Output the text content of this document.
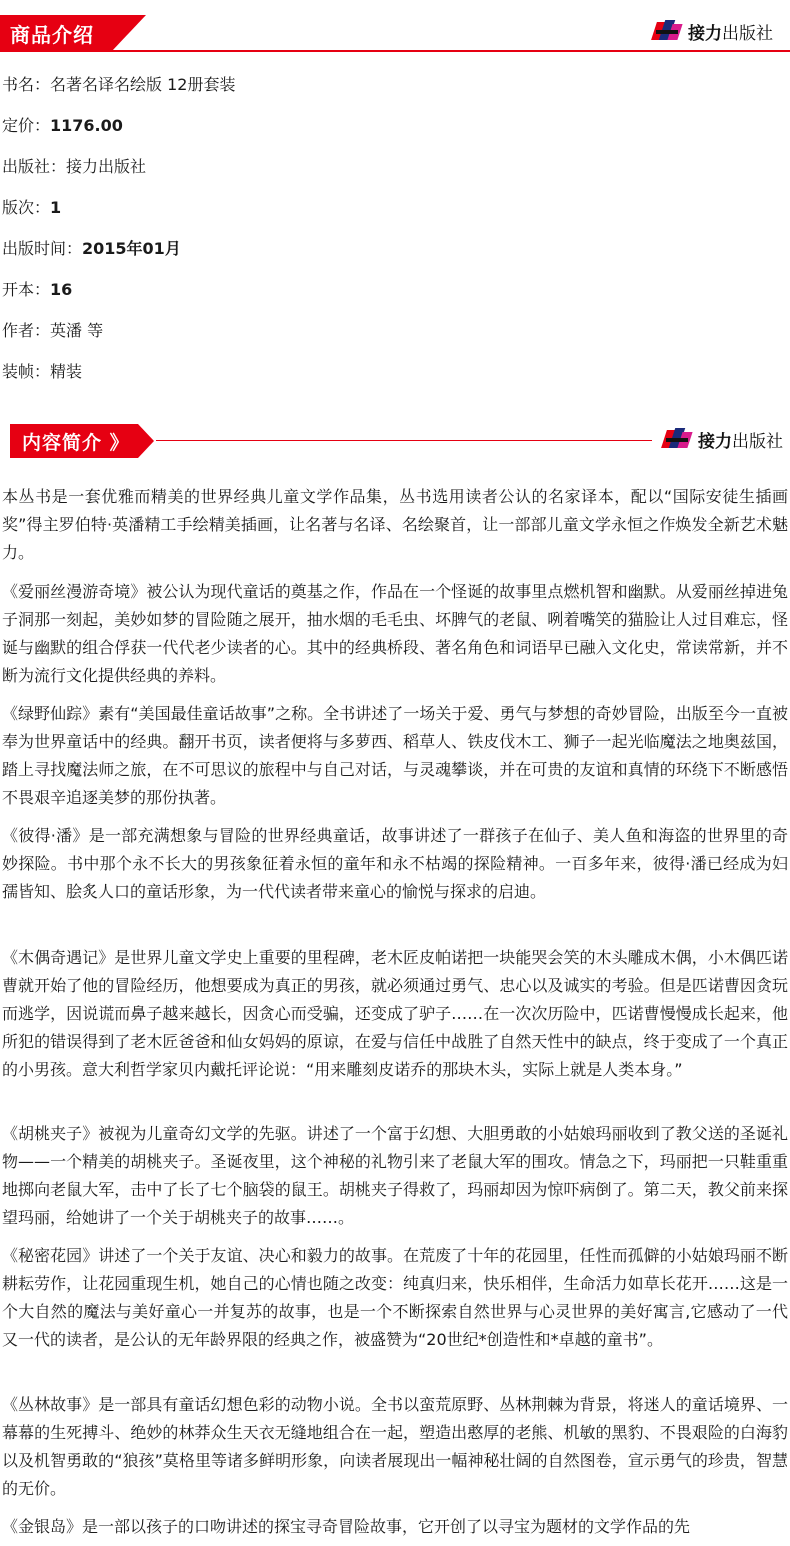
商品介绍	接力 出版社
书名：名著名译名绘版 12册套装
定价：1176.00
出版社：接力出版社
版次：1
出版时间：2015年01月
开本：16
作者：英潘 等
装帧：精装
内容简介 》	接力 出版社

本丛书是一套优雅而精美的世界经典儿童文学作品集，丛书选用读者公认的名家译本，配以“国际安徒生插画奖”得主罗伯特·英潘精工手绘精美插画，让名著与名译、名绘聚首，让一部部儿童文学永恒之作焕发全新艺术魅力。

《爱丽丝漫游奇境》被公认为现代童话的奠基之作，作品在一个怪诞的故事里点燃机智和幽默。从爱丽丝掉进兔子洞那一刻起，美妙如梦的冒险随之展开，抽水烟的毛毛虫、坏脾气的老鼠、咧着嘴笑的猫脸让人过目难忘，怪诞与幽默的组合俘获一代代老少读者的心。其中的经典桥段、著名角色和词语早已融入文化史，常读常新，并不断为流行文化提供经典的养料。

《绿野仙踪》素有“美国最佳童话故事”之称。全书讲述了一场关于爱、勇气与梦想的奇妙冒险，出版至今一直被奉为世界童话中的经典。翻开书页，读者便将与多萝西、稻草人、铁皮伐木工、狮子一起光临魔法之地奥兹国，踏上寻找魔法师之旅，在不可思议的旅程中与自己对话，与灵魂攀谈，并在可贵的友谊和真情的环绕下不断感悟不畏艰辛追逐美梦的那份执著。

《彼得·潘》是一部充满想象与冒险的世界经典童话，故事讲述了一群孩子在仙子、美人鱼和海盗的世界里的奇妙探险。书中那个永不长大的男孩象征着永恒的童年和永不枯竭的探险精神。一百多年来，彼得·潘已经成为妇孺皆知、脍炙人口的童话形象，为一代代读者带来童心的愉悦与探求的启迪。

《木偶奇遇记》是世界儿童文学史上重要的里程碑，老木匠皮帕诺把一块能哭会笑的木头雕成木偶，小木偶匹诺曹就开始了他的冒险经历，他想要成为真正的男孩，就必须通过勇气、忠心以及诚实的考验。但是匹诺曹因贪玩而逃学，因说谎而鼻子越来越长，因贪心而受骗，还变成了驴子……在一次次历险中，匹诺曹慢慢成长起来，他所犯的错误得到了老木匠爸爸和仙女妈妈的原谅，在爱与信任中战胜了自然天性中的缺点，终于变成了一个真正的小男孩。意大利哲学家贝内戴托评论说：“用来雕刻皮诺乔的那块木头，实际上就是人类本身。”

《胡桃夹子》被视为儿童奇幻文学的先驱。讲述了一个富于幻想、大胆勇敢的小姑娘玛丽收到了教父送的圣诞礼物——一个精美的胡桃夹子。圣诞夜里，这个神秘的礼物引来了老鼠大军的围攻。情急之下，玛丽把一只鞋重重地掷向老鼠大军，击中了长了七个脑袋的鼠王。胡桃夹子得救了，玛丽却因为惊吓病倒了。第二天，教父前来探望玛丽，给她讲了一个关于胡桃夹子的故事……。

《秘密花园》讲述了一个关于友谊、决心和毅力的故事。在荒废了十年的花园里，任性而孤僻的小姑娘玛丽不断耕耘劳作，让花园重现生机，她自己的心情也随之改变：纯真归来，快乐相伴，生命活力如草长花开……这是一个大自然的魔法与美好童心一并复苏的故事，也是一个不断探索自然世界与心灵世界的美好寓言,它感动了一代又一代的读者，是公认的无年龄界限的经典之作，被盛赞为“20世纪*创造性和*卓越的童书”。

《丛林故事》是一部具有童话幻想色彩的动物小说。全书以蛮荒原野、丛林荆棘为背景，将迷人的童话境界、一幕幕的生死搏斗、绝妙的林莽众生天衣无缝地组合在一起，塑造出憨厚的老熊、机敏的黑豹、不畏艰险的白海豹以及机智勇敢的“狼孩”莫格里等诸多鲜明形象，向读者展现出一幅神秘壮阔的自然图卷，宣示勇气的珍贵，智慧的无价。

《金银岛》是一部以孩子的口吻讲述的探宝寻奇冒险故事，它开创了以寻宝为题材的文学作品的先
